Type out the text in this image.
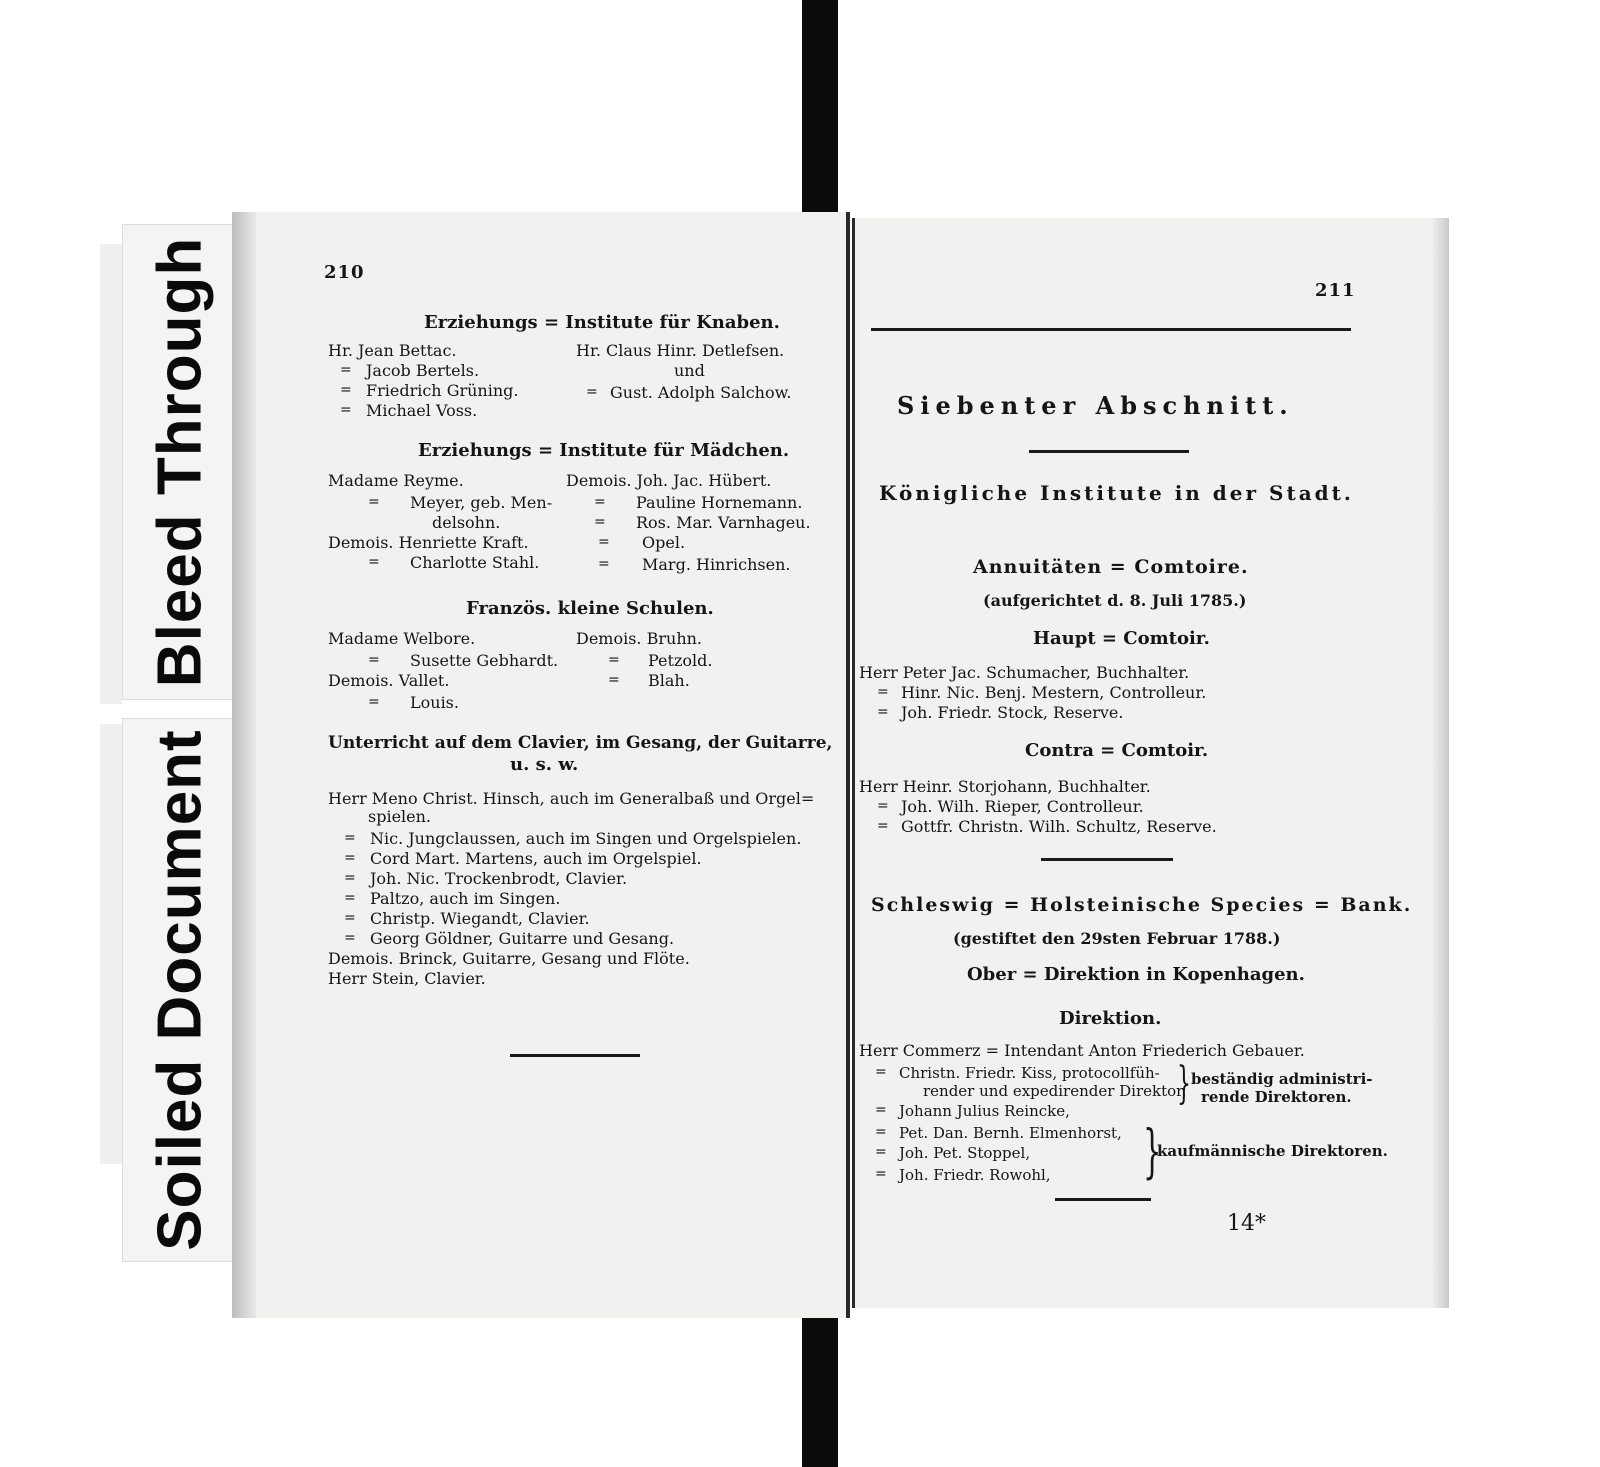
Bleed Through
Soiled Document
210
Erziehungs = Institute für Knaben.
Hr. Jean Bettac.
= Jacob Bertels.
= Friedrich Grüning.
= Michael Voss.
Hr. Claus Hinr. Detlefsen.
und
= Gust. Adolph Salchow.
Erziehungs = Institute für Mädchen.
Madame Reyme.
= Meyer, geb. Men-
delsohn.
Demois. Henriette Kraft.
= Charlotte Stahl.
Demois. Joh. Jac. Hübert.
= Pauline Hornemann.
= Ros. Mar. Varnhageu.
= Opel.
= Marg. Hinrichsen.
Französ. kleine Schulen.
Madame Welbore.
= Susette Gebhardt.
Demois. Vallet.
= Louis.
Demois. Bruhn.
= Petzold.
= Blah.
Unterricht auf dem Clavier, im Gesang, der Guitarre,
u. s. w.
Herr Meno Christ. Hinsch, auch im Generalbaß und Orgel=
spielen.
= Nic. Jungclaussen, auch im Singen und Orgelspielen.
= Cord Mart. Martens, auch im Orgelspiel.
= Joh. Nic. Trockenbrodt, Clavier.
= Paltzo, auch im Singen.
= Christp. Wiegandt, Clavier.
= Georg Göldner, Guitarre und Gesang.
Demois. Brinck, Guitarre, Gesang und Flöte.
Herr Stein, Clavier.
211
Siebenter Abschnitt.
Königliche Institute in der Stadt.
Annuitäten = Comtoire.
(aufgerichtet d. 8. Juli 1785.)
Haupt = Comtoir.
Herr Peter Jac. Schumacher, Buchhalter.
= Hinr. Nic. Benj. Mestern, Controlleur.
= Joh. Friedr. Stock, Reserve.
Contra = Comtoir.
Herr Heinr. Storjohann, Buchhalter.
= Joh. Wilh. Rieper, Controlleur.
= Gottfr. Christn. Wilh. Schultz, Reserve.
Schleswig = Holsteinische Species = Bank.
(gestiftet den 29sten Februar 1788.)
Ober = Direktion in Kopenhagen.
Direktion.
Herr Commerz = Intendant Anton Friederich Gebauer.
= Christn. Friedr. Kiss, protocollfüh-
render und expedirender Direktor,
= Johann Julius Reincke,
} beständig administri-
rende Direktoren.
= Pet. Dan. Bernh. Elmenhorst,
= Joh. Pet. Stoppel,
= Joh. Friedr. Rowohl, }
kaufmännische Direktoren.
14*
